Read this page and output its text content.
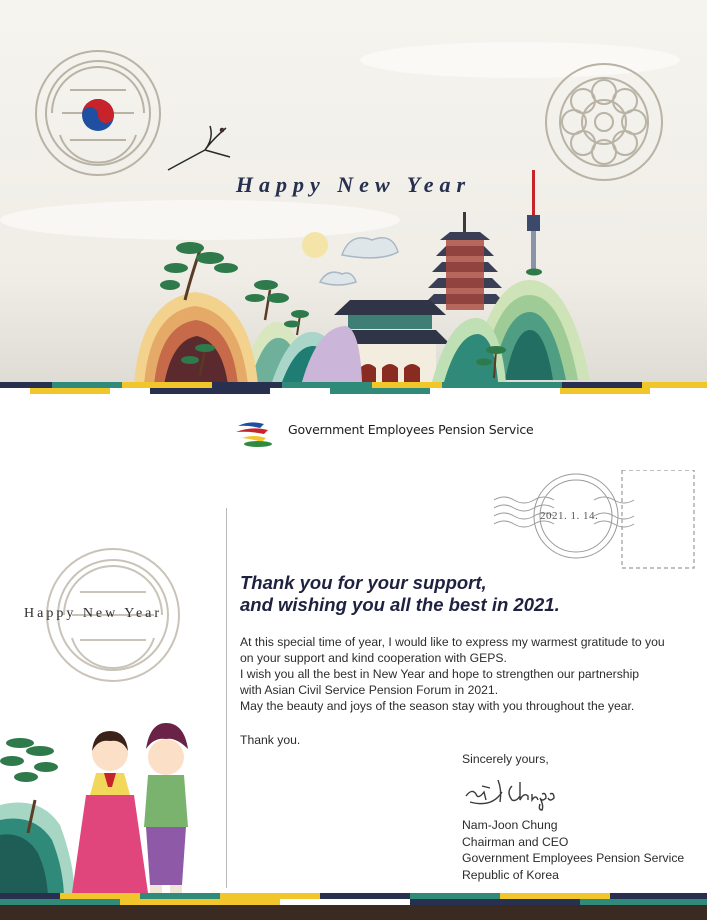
Happy New Year
Government Employees Pension Service
2021. 1. 14.
Happy New Year
Thank you for your support,
and wishing you all the best in 2021.
At this special time of year, I would like to express my warmest gratitude to you
on your support and kind cooperation with GEPS.
I wish you all the best in New Year and hope to strengthen our partnership
with Asian Civil Service Pension Forum in 2021.
May the beauty and joys of the season stay with you throughout the year.
Thank you.
Sincerely yours,
Nam-Joon Chung
Chairman and CEO
Government Employees Pension Service
Republic of Korea
